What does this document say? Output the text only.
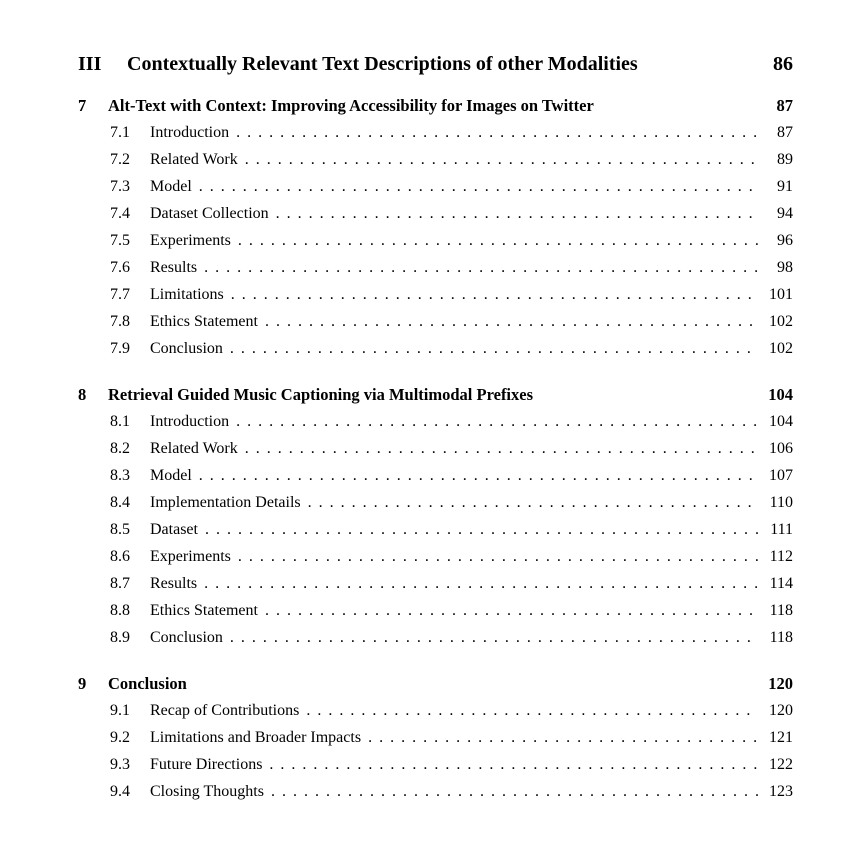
III	Contextually Relevant Text Descriptions of other Modalities	86
7	Alt-Text with Context: Improving Accessibility for Images on Twitter	87
7.1	Introduction . . .	87
7.2	Related Work . . .	89
7.3	Model . . .	91
7.4	Dataset Collection . . .	94
7.5	Experiments . . .	96
7.6	Results . . .	98
7.7	Limitations . . .	101
7.8	Ethics Statement . . .	102
7.9	Conclusion . . .	102
8	Retrieval Guided Music Captioning via Multimodal Prefixes	104
8.1	Introduction . . .	104
8.2	Related Work . . .	106
8.3	Model . . .	107
8.4	Implementation Details . . .	110
8.5	Dataset . . .	111
8.6	Experiments . . .	112
8.7	Results . . .	114
8.8	Ethics Statement . . .	118
8.9	Conclusion . . .	118
9	Conclusion	120
9.1	Recap of Contributions . . .	120
9.2	Limitations and Broader Impacts . . .	121
9.3	Future Directions . . .	122
9.4	Closing Thoughts . . .	123
